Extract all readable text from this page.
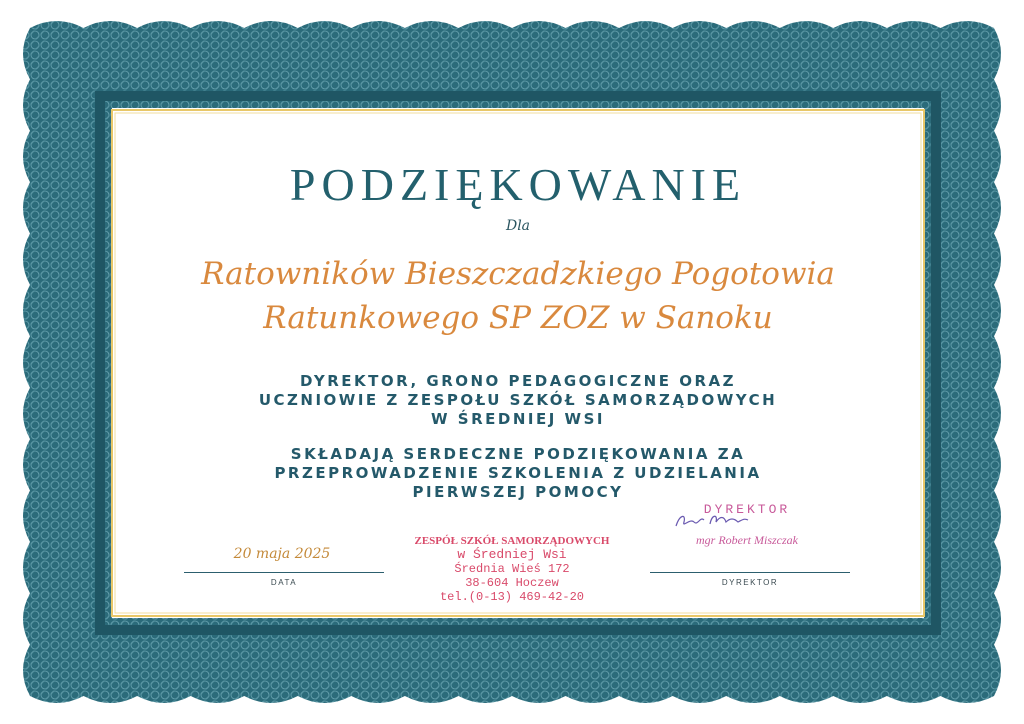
PODZIĘKOWANIE
Dla
Ratowników Bieszczadzkiego Pogotowia
Ratunkowego SP ZOZ w Sanoku
DYREKTOR, GRONO PEDAGOGICZNE ORAZ
UCZNIOWIE Z ZESPOŁU SZKÓŁ SAMORZĄDOWYCH
W ŚREDNIEJ WSI
SKŁADAJĄ SERDECZNE PODZIĘKOWANIA ZA
PRZEPROWADZENIE SZKOLENIA Z UDZIELANIA
PIERWSZEJ POMOCY
20 maja 2025
DATA	DYREKTOR
ZESPÓŁ SZKÓŁ SAMORZĄDOWYCH
w Średniej Wsi
Średnia Wieś 172
38-604 Hoczew
tel.(0-13) 469-42-20
DYREKTOR
mgr Robert Miszczak
